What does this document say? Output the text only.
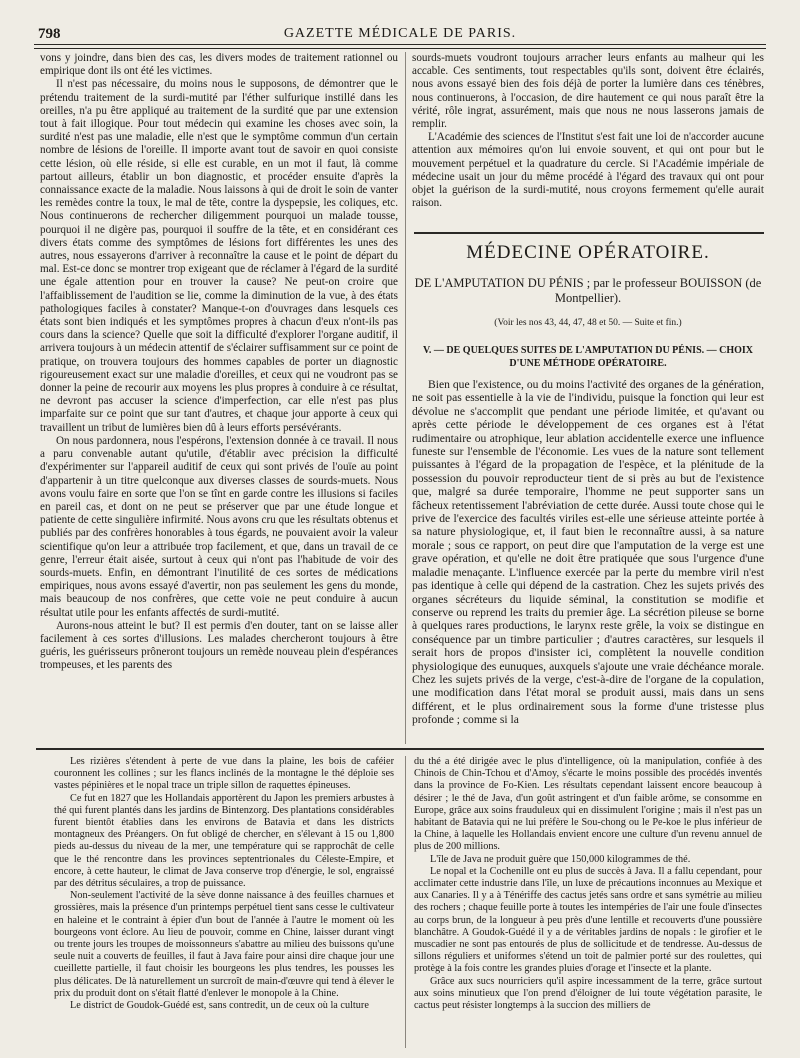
798	GAZETTE MÉDICALE DE PARIS.

vons y joindre, dans bien des cas, les divers modes de traitement rationnel ou empirique dont ils ont été les victimes.

Il n'est pas nécessaire, du moins nous le supposons, de démontrer que le prétendu traitement de la surdi-mutité par l'éther sulfurique instillé dans les oreilles, n'a pu être appliqué au traitement de la surdité que par une extension tout à fait illogique. Pour tout médecin qui examine les choses avec soin, la surdité n'est pas une maladie, elle n'est que le symptôme commun d'un certain nombre de lésions de l'oreille. Il importe avant tout de savoir en quoi consiste cette lésion, où elle réside, si elle est curable, en un mot il faut, là comme partout ailleurs, établir un bon diagnostic, et procéder ensuite d'après la connaissance exacte de la maladie. Nous laissons à qui de droit le soin de vanter les remèdes contre la toux, le mal de tête, contre la dyspepsie, les coliques, etc. Nous continuerons de rechercher diligemment pourquoi un malade tousse, pourquoi il ne digère pas, pourquoi il souffre de la tête, et en considérant ces divers états comme des symptômes de lésions fort différentes les unes des autres, nous essayerons d'arriver à reconnaître la cause et le point de départ du mal. Est-ce donc se montrer trop exigeant que de réclamer à l'égard de la surdité une égale attention pour en trouver la cause? Ne peut-on croire que l'affaiblissement de l'audition se lie, comme la diminution de la vue, à des états pathologiques faciles à constater? Manque-t-on d'ouvrages dans lesquels ces états sont bien indiqués et les symptômes propres à chacun d'eux n'ont-ils pas cours dans la science? Quelle que soit la difficulté d'explorer l'organe auditif, il arrivera toujours à un médecin attentif de s'éclairer suffisamment sur ce point de pratique, on trouvera toujours des hommes capables de porter un diagnostic rigoureusement exact sur une maladie d'oreilles, et ceux qui ne voudront pas se donner la peine de recourir aux moyens les plus propres à conduire à ce résultat, ne devront pas accuser la science d'imperfection, car elle n'est pas plus imparfaite sur ce point que sur tant d'autres, et chaque jour apporte à ceux qui travaillent un tribut de lumières bien dû à leurs efforts persévérants.

On nous pardonnera, nous l'espérons, l'extension donnée à ce travail. Il nous a paru convenable autant qu'utile, d'établir avec précision la difficulté d'expérimenter sur l'appareil auditif de ceux qui sont privés de l'ouïe au point d'appartenir à un titre quelconque aux diverses classes de sourds-muets. Nous avons voulu faire en sorte que l'on se tînt en garde contre les illusions si faciles en pareil cas, et dont on ne peut se préserver que par une étude longue et patiente de cette singulière infirmité. Nous avons cru que les résultats obtenus et publiés par des confrères honorables à tous égards, ne pouvaient avoir la valeur scientifique qu'on leur a attribuée trop facilement, et que, dans un travail de ce genre, l'erreur était aisée, surtout à ceux qui n'ont pas l'habitude de voir des sourds-muets. Enfin, en démontrant l'inutilité de ces sortes de médications empiriques, nous avons essayé d'avertir, non pas seulement les gens du monde, mais beaucoup de nos confrères, que cette voie ne peut conduire à aucun résultat utile pour les enfants affectés de surdi-mutité.

Aurons-nous atteint le but? Il est permis d'en douter, tant on se laisse aller facilement à ces sortes d'illusions. Les malades chercheront toujours à être guéris, les guérisseurs prôneront toujours un remède nouveau plein d'espérances trompeuses, et les parents des

sourds-muets voudront toujours arracher leurs enfants au malheur qui les accable. Ces sentiments, tout respectables qu'ils sont, doivent être éclairés, nous avons essayé bien des fois déjà de porter la lumière dans ces ténèbres, nous continuerons, à l'occasion, de dire hautement ce qui nous paraît être la vérité, rôle ingrat, assurément, mais que nous ne nous lasserons jamais de remplir.

L'Académie des sciences de l'Institut s'est fait une loi de n'accorder aucune attention aux mémoires qu'on lui envoie souvent, et qui ont pour but le mouvement perpétuel et la quadrature du cercle. Si l'Académie impériale de médecine usait un jour du même procédé à l'égard des travaux qui ont pour objet la guérison de la surdi-mutité, nous croyons fermement qu'elle aurait raison.

MÉDECINE OPÉRATOIRE.
DE L'AMPUTATION DU PÉNIS ; par le professeur BOUISSON (de Montpellier).
(Voir les nos 43, 44, 47, 48 et 50. — Suite et fin.)
V. — DE QUELQUES SUITES DE L'AMPUTATION DU PÉNIS. — CHOIX D'UNE MÉTHODE OPÉRATOIRE.

Bien que l'existence, ou du moins l'activité des organes de la génération, ne soit pas essentielle à la vie de l'individu, puisque la fonction qui leur est dévolue ne s'accomplit que pendant une période limitée, et qu'avant ou après cette période le développement de ces organes est à l'état rudimentaire ou atrophique, leur ablation accidentelle exerce une influence funeste sur l'ensemble de l'économie. Les vues de la nature sont tellement puissantes à l'égard de la propagation de l'espèce, et la plénitude de la possession du pouvoir reproducteur tient de si près au but de l'existence que, malgré sa durée temporaire, l'homme ne peut supporter sans un fâcheux retentissement l'abréviation de cette durée. Aussi toute chose qui le prive de l'exercice des facultés viriles est-elle une sérieuse atteinte portée à sa nature physiologique, et, il faut bien le reconnaître aussi, à sa nature morale ; sous ce rapport, on peut dire que l'amputation de la verge est une grave opération, et qu'elle ne doit être pratiquée que sous l'urgence d'une maladie menaçante. L'influence exercée par la perte du membre viril n'est pas identique à celle qui dépend de la castration. Chez les sujets privés des organes sécréteurs du liquide séminal, la constitution se modifie et conserve ou reprend les traits du premier âge. La sécrétion pileuse se borne à quelques rares productions, le larynx reste grêle, la voix se distingue en conséquence par un timbre particulier ; d'autres caractères, sur lesquels il serait hors de propos d'insister ici, complètent la nouvelle condition physiologique des eunuques, auxquels s'ajoute une vraie déchéance morale. Chez les sujets privés de la verge, c'est-à-dire de l'organe de la copulation, une modification dans l'état moral se produit aussi, mais dans un sens différent, et le plus ordinairement sous la forme d'une tristesse plus profonde ; comme si la

Les rizières s'étendent à perte de vue dans la plaine, les bois de caféier couronnent les collines ; sur les flancs inclinés de la montagne le thé déploie ses vastes pépinières et le nopal trace un triple sillon de raquettes épineuses.

Ce fut en 1827 que les Hollandais apportèrent du Japon les premiers arbustes à thé qui furent plantés dans les jardins de Bintenzorg. Des plantations considérables furent bientôt établies dans les environs de Batavia et dans les districts montagneux des Préangers. On fut obligé de chercher, en s'élevant à 15 ou 1,800 pieds au-dessus du niveau de la mer, une température qui se rapprochât de celle que le thé rencontre dans les provinces septentrionales du Céleste-Empire, et encore, à cette hauteur, le climat de Java conserve trop d'énergie, le sol, engraissé par des détritus séculaires, a trop de puissance.

Non-seulement l'activité de la sève donne naissance à des feuilles charnues et grossières, mais la présence d'un printemps perpétuel tient sans cesse le cultivateur en haleine et le contraint à épier d'un bout de l'année à l'autre le moment où les bourgeons vont éclore. Au lieu de pouvoir, comme en Chine, laisser durant vingt ou trente jours les troupes de moissonneurs s'abattre au milieu des buissons qu'une seule nuit a couverts de feuilles, il faut à Java faire pour ainsi dire chaque jour une cueillette partielle, il faut choisir les bourgeons les plus tendres, les pousses les plus délicates. De là naturellement un surcroît de main-d'œuvre qui tend à élever le prix du produit dont on s'était flatté d'enlever le monopole à la Chine.

Le district de Goudok-Guédé est, sans contredit, un de ceux où la culture

du thé a été dirigée avec le plus d'intelligence, où la manipulation, confiée à des Chinois de Chin-Tchou et d'Amoy, s'écarte le moins possible des procédés inventés dans la province de Fo-Kien. Les résultats cependant laissent encore beaucoup à désirer ; le thé de Java, d'un goût astringent et d'un faible arôme, se consomme en Europe, grâce aux soins frauduleux qui en dissimulent l'origine ; mais il n'est pas un habitant de Batavia qui ne lui préfère le Sou-chong ou le Pe-koe le plus inférieur de la Chine, à laquelle les Hollandais envient encore une culture d'un revenu annuel de plus de 200 millions.

L'île de Java ne produit guère que 150,000 kilogrammes de thé.

Le nopal et la Cochenille ont eu plus de succès à Java. Il a fallu cependant, pour acclimater cette industrie dans l'île, un luxe de précautions inconnues au Mexique et aux Canaries. Il y a à Ténériffe des cactus jetés sans ordre et sans symétrie au milieu des rochers ; chaque feuille porte à toutes les intempéries de l'air une foule d'insectes au corps brun, de la longueur à peu près d'une lentille et recouverts d'une poussière blanchâtre. A Goudok-Guédé il y a de véritables jardins de nopals : le girofier et le muscadier ne sont pas entourés de plus de sollicitude et de tendresse. Au-dessus de sillons réguliers et uniformes s'étend un toit de palmier porté sur des roulettes, qui protège à la fois contre les grandes pluies d'orage et l'insecte et la plante.

Grâce aux sucs nourriciers qu'il aspire incessamment de la terre, grâce surtout aux soins minutieux que l'on prend d'éloigner de lui toute végétation parasite, le cactus peut résister longtemps à la succion des milliers de
